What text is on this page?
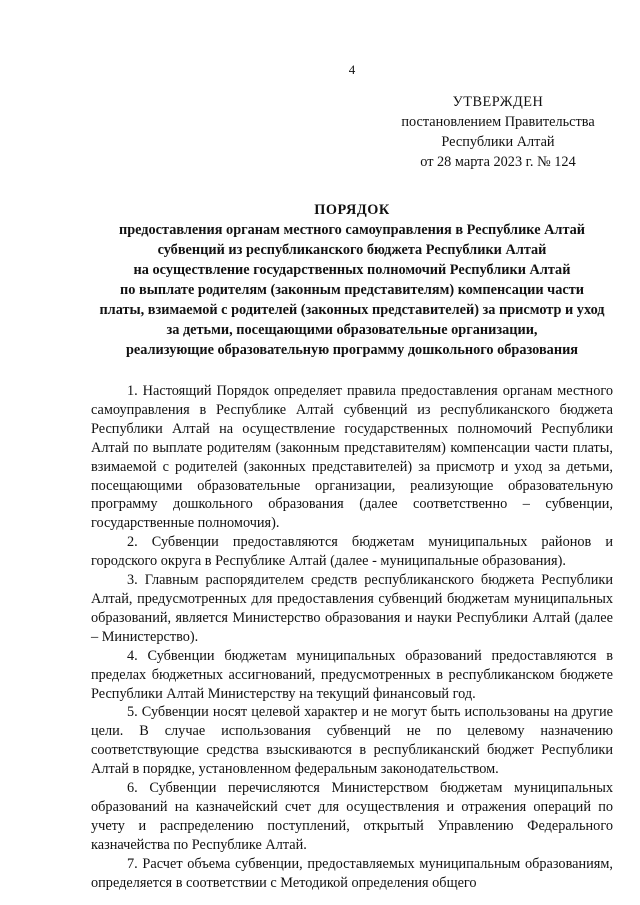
4
УТВЕРЖДЕН
постановлением Правительства
Республики Алтай
от 28 марта 2023 г. № 124
ПОРЯДОК
предоставления органам местного самоуправления в Республике Алтай
субвенций из республиканского бюджета Республики Алтай
на осуществление государственных полномочий Республики Алтай
по выплате родителям (законным представителям) компенсации части
платы, взимаемой с родителей (законных представителей) за присмотр и уход
за детьми, посещающими образовательные организации,
реализующие образовательную программу дошкольного образования

1. Настоящий Порядок определяет правила предоставления органам местного самоуправления в Республике Алтай субвенций из республиканского бюджета Республики Алтай на осуществление государственных полномочий Республики Алтай по выплате родителям (законным представителям) компенсации части платы, взимаемой с родителей (законных представителей) за присмотр и уход за детьми, посещающими образовательные организации, реализующие образовательную программу дошкольного образования (далее соответственно – субвенции, государственные полномочия).

2. Субвенции предоставляются бюджетам муниципальных районов и городского округа в Республике Алтай (далее - муниципальные образования).

3. Главным распорядителем средств республиканского бюджета Республики Алтай, предусмотренных для предоставления субвенций бюджетам муниципальных образований, является Министерство образования и науки Республики Алтай (далее – Министерство).

4. Субвенции бюджетам муниципальных образований предоставляются в пределах бюджетных ассигнований, предусмотренных в республиканском бюджете Республики Алтай Министерству на текущий финансовый год.

5. Субвенции носят целевой характер и не могут быть использованы на другие цели. В случае использования субвенций не по целевому назначению соответствующие средства взыскиваются в республиканский бюджет Республики Алтай в порядке, установленном федеральным законодательством.

6. Субвенции перечисляются Министерством бюджетам муниципальных образований на казначейский счет для осуществления и отражения операций по учету и распределению поступлений, открытый Управлению Федерального казначейства по Республике Алтай.

7. Расчет объема субвенции, предоставляемых муниципальным образованиям, определяется в соответствии с Методикой определения общего
